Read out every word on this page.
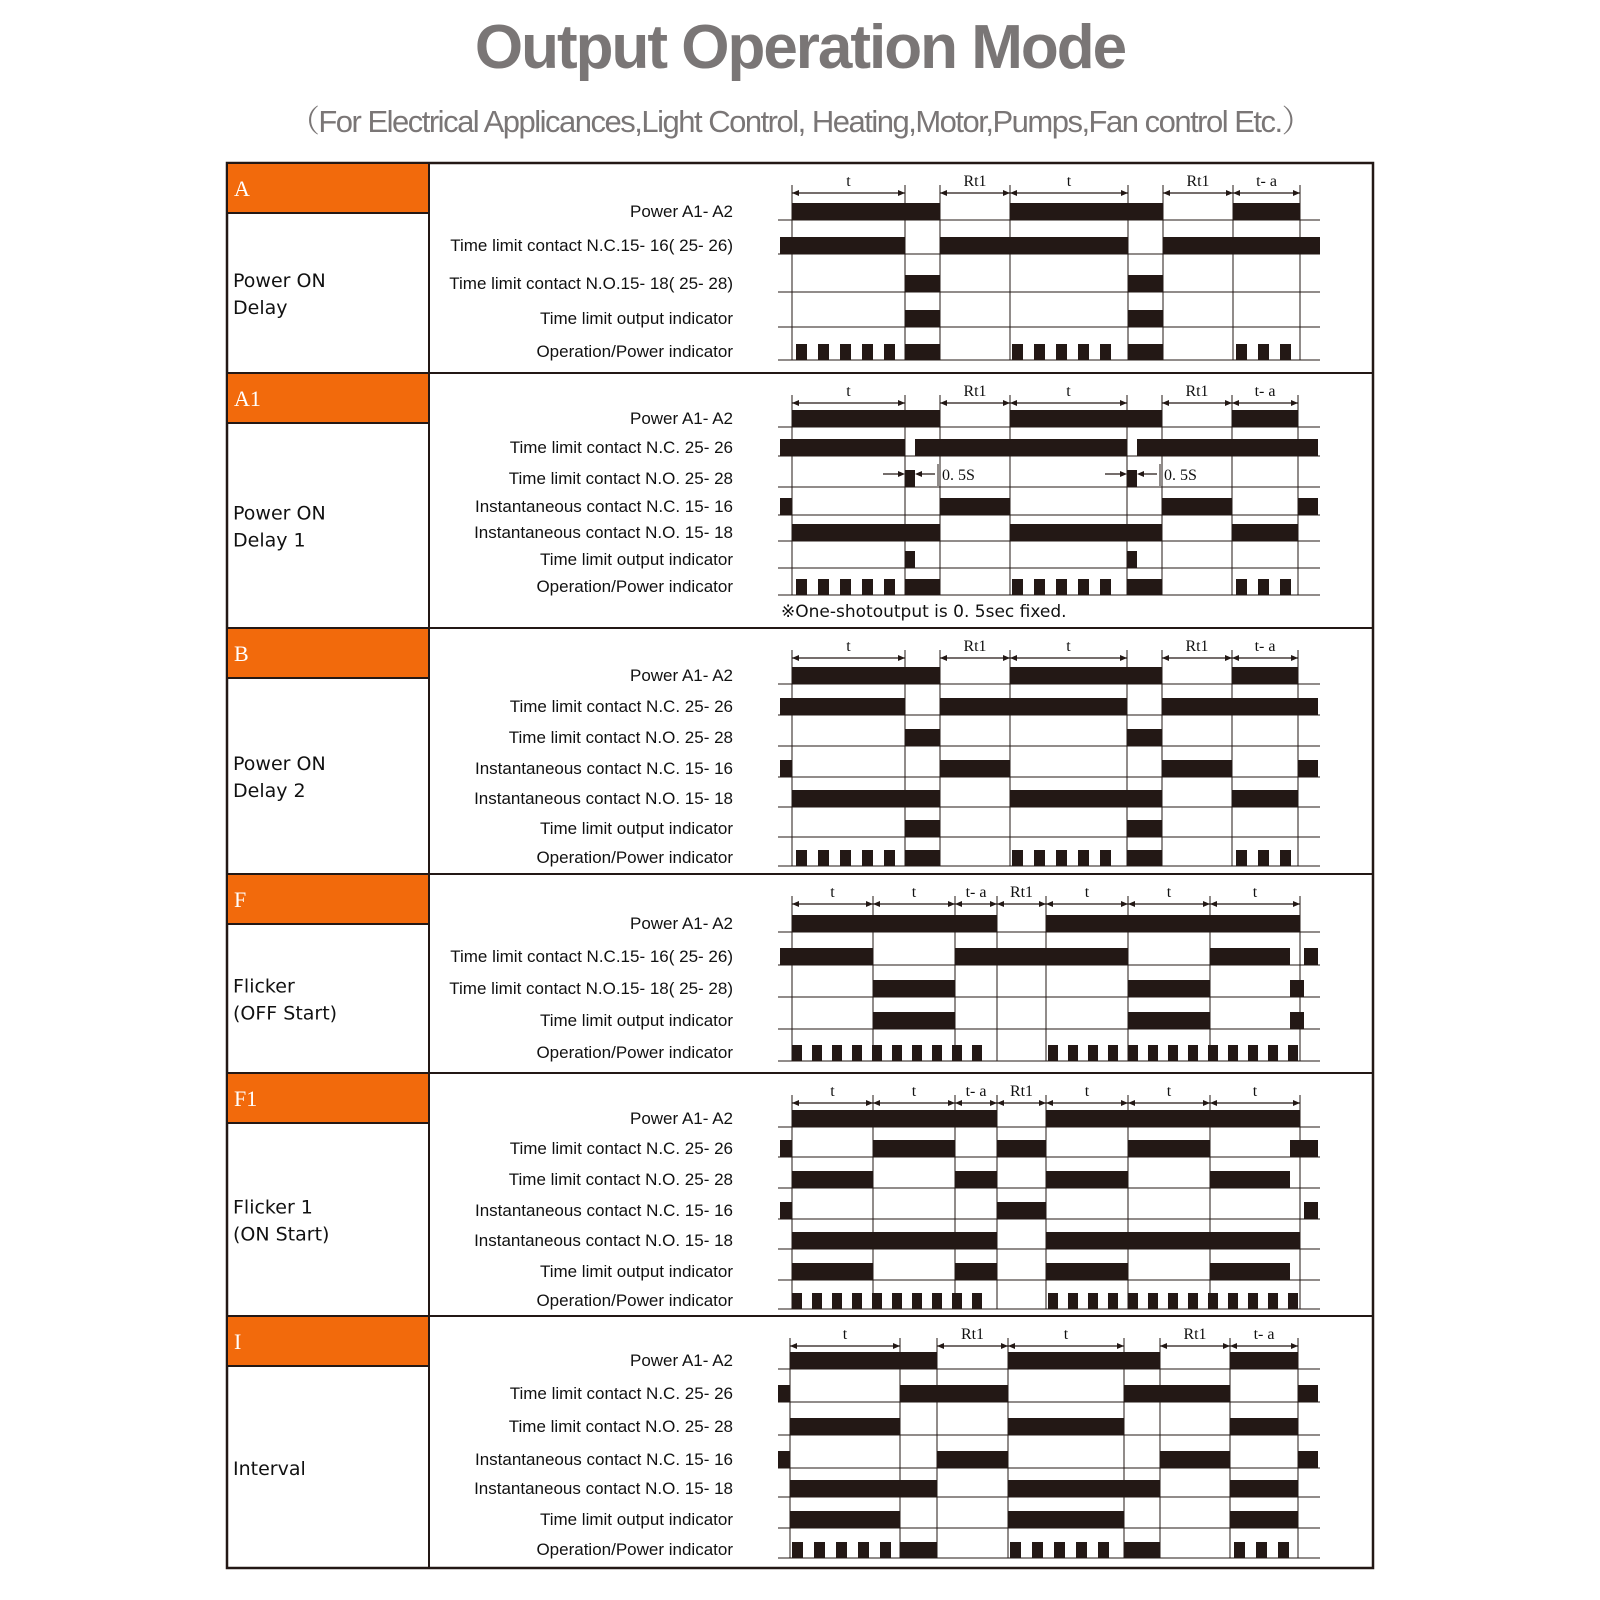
Output Operation Mode

（For Electrical Applicances,Light Control, Heating,Motor,Pumps,Fan control Etc.）

A
Power ON
Delay
t	Rt1	t	Rt1	t- a
Power A1- A2
Time limit contact N.C.15- 16( 25- 26)
Time limit contact N.O.15- 18( 25- 28)
Time limit output indicator
Operation/Power indicator
A1
Power ON
Delay 1
t	Rt1	t	Rt1	t- a
Power A1- A2
Time limit contact N.C. 25- 26
Time limit contact N.O. 25- 28
Instantaneous contact N.C. 15- 16
Instantaneous contact N.O. 15- 18
Time limit output indicator
Operation/Power indicator
0. 5S	0. 5S
※One-shotoutput is 0. 5sec fixed.
B
Power ON
Delay 2
t	Rt1	t	Rt1	t- a
Power A1- A2
Time limit contact N.C. 25- 26
Time limit contact N.O. 25- 28
Instantaneous contact N.C. 15- 16
Instantaneous contact N.O. 15- 18
Time limit output indicator
Operation/Power indicator
F
Flicker
(OFF Start)
t	t	t- a Rt1	t	t	t
Power A1- A2
Time limit contact N.C.15- 16( 25- 26)
Time limit contact N.O.15- 18( 25- 28)
Time limit output indicator
Operation/Power indicator
F1
Flicker 1
(ON Start)
t	t	t- a Rt1	t	t	t
Power A1- A2
Time limit contact N.C. 25- 26
Time limit contact N.O. 25- 28
Instantaneous contact N.C. 15- 16
Instantaneous contact N.O. 15- 18
Time limit output indicator
Operation/Power indicator
I
Interval
t	Rt1	t	Rt1	t- a
Power A1- A2
Time limit contact N.C. 25- 26
Time limit contact N.O. 25- 28
Instantaneous contact N.C. 15- 16
Instantaneous contact N.O. 15- 18
Time limit output indicator
Operation/Power indicator
